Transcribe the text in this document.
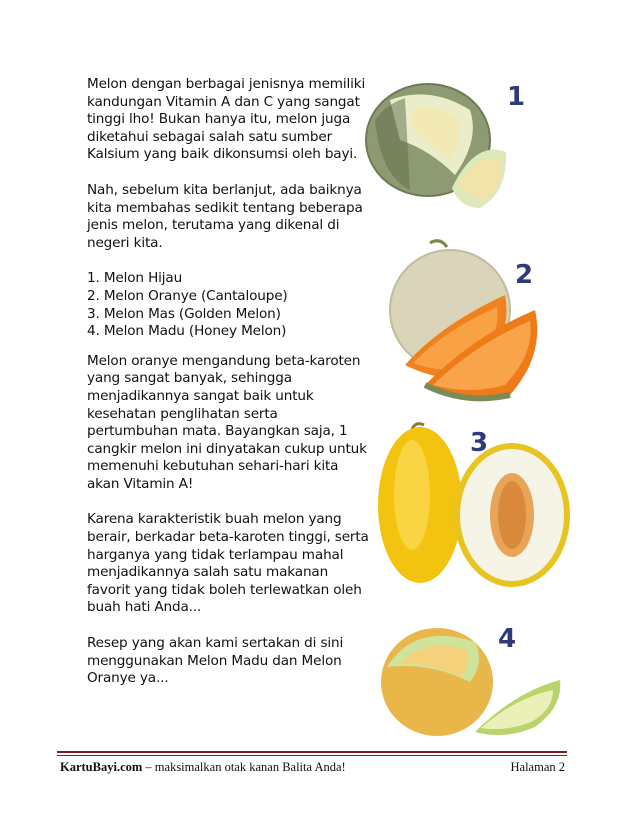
Melon dengan berbagai jenisnya memiliki kandungan Vitamin A dan C yang sangat tinggi lho! Bukan hanya itu, melon juga diketahui sebagai salah satu sumber Kalsium yang baik dikonsumsi oleh bayi.

Nah, sebelum kita berlanjut, ada baiknya kita membahas sedikit tentang beberapa jenis melon, terutama yang dikenal di negeri kita.

1. Melon Hijau
2. Melon Oranye (Cantaloupe)
3. Melon Mas (Golden Melon)
4. Melon Madu (Honey Melon)

Melon oranye mengandung beta-karoten yang sangat banyak, sehingga menjadikannya sangat baik untuk kesehatan penglihatan serta pertumbuhan mata. Bayangkan saja, 1 cangkir melon ini dinyatakan cukup untuk memenuhi kebutuhan sehari-hari kita akan Vitamin A!

Karena karakteristik buah melon yang berair, berkadar beta-karoten tinggi, serta harganya yang tidak terlampau mahal menjadikannya salah satu makanan favorit yang tidak boleh terlewatkan oleh buah hati Anda...

Resep yang akan kami sertakan di sini menggunakan Melon Madu dan Melon Oranye ya...

1
2
3
4
KartuBayi.com – maksimalkan otak kanan Balita Anda!	Halaman 2
